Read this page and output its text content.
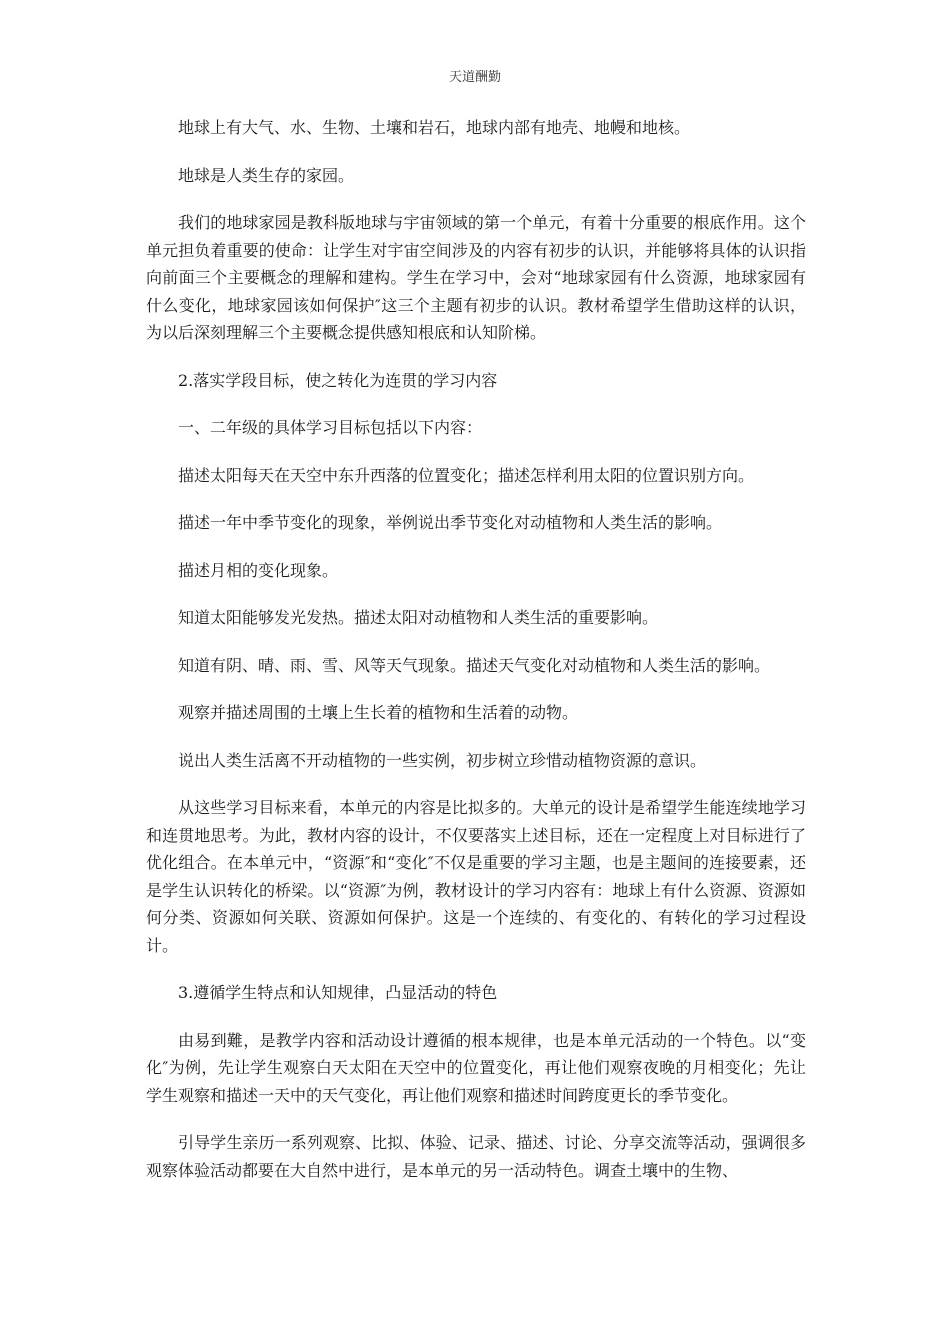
天道酬勤

地球上有大气、水、生物、土壤和岩石，地球内部有地壳、地幔和地核。

地球是人类生存的家园。

我们的地球家园是教科版地球与宇宙领域的第一个单元，有着十分重要的根底作用。这个单元担负着重要的使命：让学生对宇宙空间涉及的内容有初步的认识，并能够将具体的认识指向前面三个主要概念的理解和建构。学生在学习中，会对“地球家园有什么资源，地球家园有什么变化，地球家园该如何保护″这三个主题有初步的认识。教材希望学生借助这样的认识，为以后深刻理解三个主要概念提供感知根底和认知阶梯。

2.落实学段目标，使之转化为连贯的学习内容

一、二年级的具体学习目标包括以下内容：

描述太阳每天在天空中东升西落的位置变化；描述怎样利用太阳的位置识别方向。

描述一年中季节变化的现象，举例说出季节变化对动植物和人类生活的影响。

描述月相的变化现象。

知道太阳能够发光发热。描述太阳对动植物和人类生活的重要影响。

知道有阴、晴、雨、雪、风等天气现象。描述天气变化对动植物和人类生活的影响。

观察并描述周围的土壤上生长着的植物和生活着的动物。

说出人类生活离不开动植物的一些实例，初步树立珍惜动植物资源的意识。

从这些学习目标来看，本单元的内容是比拟多的。大单元的设计是希望学生能连续地学习和连贯地思考。为此，教材内容的设计，不仅要落实上述目标，还在一定程度上对目标进行了优化组合。在本单元中，“资源″和“变化″不仅是重要的学习主题，也是主题间的连接要素，还是学生认识转化的桥梁。以“资源″为例，教材设计的学习内容有：地球上有什么资源、资源如何分类、资源如何关联、资源如何保护。这是一个连续的、有变化的、有转化的学习过程设计。

3.遵循学生特点和认知规律，凸显活动的特色

由易到難，是教学内容和活动设计遵循的根本规律，也是本单元活动的一个特色。以“变化″为例，先让学生观察白天太阳在天空中的位置变化，再让他们观察夜晚的月相变化；先让学生观察和描述一天中的天气变化，再让他们观察和描述时间跨度更长的季节变化。

引导学生亲历一系列观察、比拟、体验、记录、描述、讨论、分享交流等活动，强调很多观察体验活动都要在大自然中进行，是本单元的另一活动特色。调查土壤中的生物、
